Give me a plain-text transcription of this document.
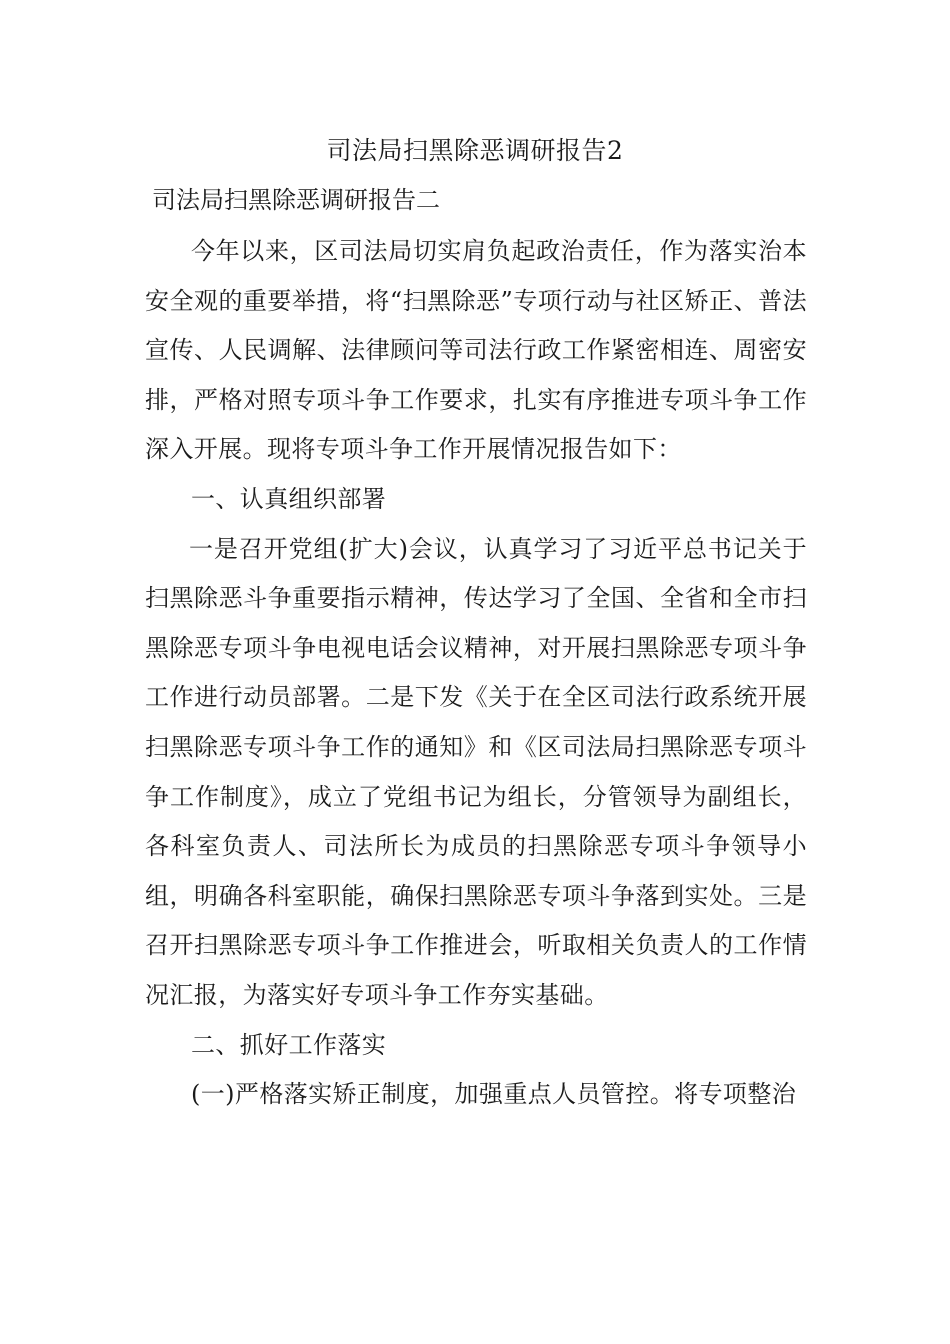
司法局扫黑除恶调研报告2
司法局扫黑除恶调研报告二

今年以来，区司法局切实肩负起政治责任，作为落实治本安全观的重要举措，将“扫黑除恶”专项行动与社区矫正、普法宣传、人民调解、法律顾问等司法行政工作紧密相连、周密安排，严格对照专项斗争工作要求，扎实有序推进专项斗争工作深入开展。现将专项斗争工作开展情况报告如下：

一、认真组织部署

一是召开党组(扩大)会议，认真学习了习近平总书记关于扫黑除恶斗争重要指示精神，传达学习了全国、全省和全市扫黑除恶专项斗争电视电话会议精神，对开展扫黑除恶专项斗争工作进行动员部署。二是下发《关于在全区司法行政系统开展扫黑除恶专项斗争工作的通知》和《区司法局扫黑除恶专项斗争工作制度》，成立了党组书记为组长，分管领导为副组长，各科室负责人、司法所长为成员的扫黑除恶专项斗争领导小组，明确各科室职能，确保扫黑除恶专项斗争落到实处。三是召开扫黑除恶专项斗争工作推进会，听取相关负责人的工作情况汇报，为落实好专项斗争工作夯实基础。

二、抓好工作落实

(一)严格落实矫正制度，加强重点人员管控。将专项整治
